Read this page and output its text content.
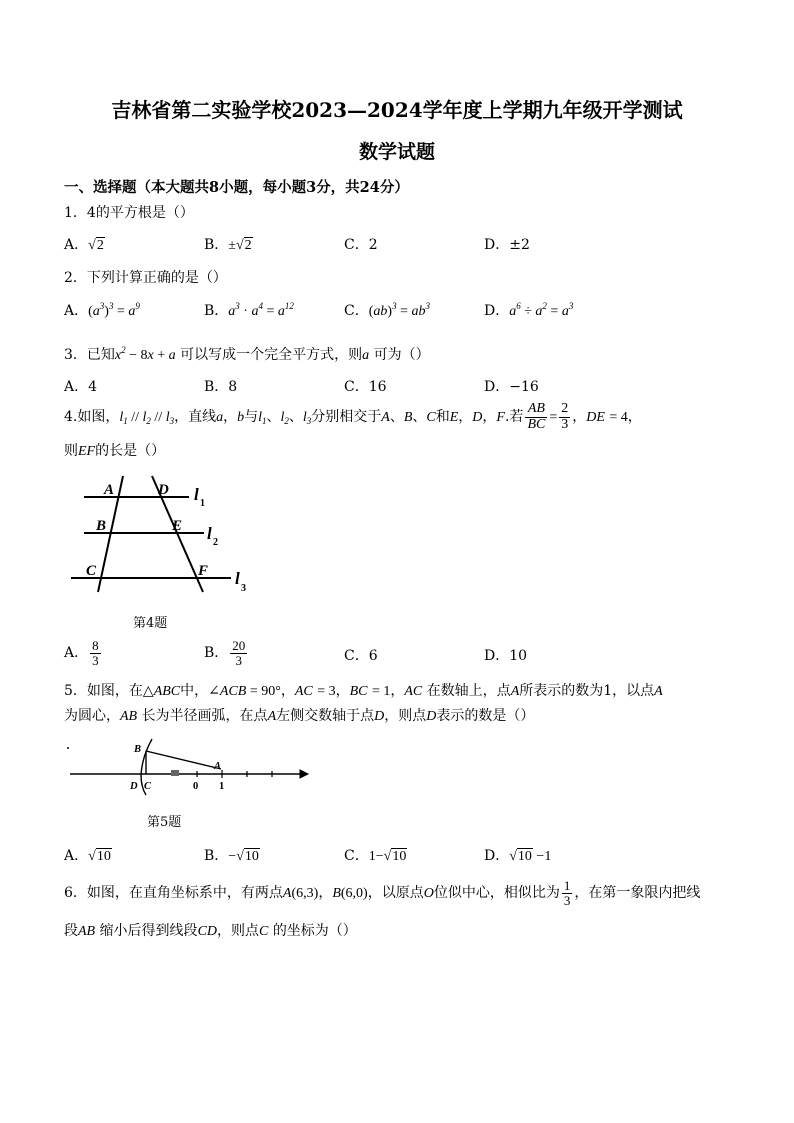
吉林省第二实验学校2023—2024学年度上学期九年级开学测试
数学试题
一、选择题（本大题共8小题，每小题3分，共24分）
1．4的平方根是（）
A．√2	B．±√2	C．2	D．±2
2．下列计算正确的是（）
A．$(a^3)^3 = a^9$	B．$a^3 \cdot a^4 = a^{12}$	C．$(ab)^3 = ab^3$	D．$a^6 \div a^2 = a^3$
3．已知$x^2 - 8x + a$ 可以写成一个完全平方式，则a 可为（）
A．4	B．8	C．16	D．−16
4.如图，$l_1 // l_2 // l_3$，直线a，b与$l_1$、$l_2$、$l_3$分别相交于A、B、C和E，D，F.若 $\frac{AB}{BC} = \frac{2}{3}$ ，DE = 4，
则EF的长是（）
A	D
B	E
C	F
l 1
l 2
l
3
第4题
A． $\frac{8}{3}$	B． $\frac{20}{3}$	C．6	D．10
5．如图，在△ABC中，∠ACB = 90°，AC = 3，BC = 1，AC 在数轴上，点A所表示的数为1，以点A
为圆心，AB 长为半径画弧，在点A左侧交数轴于点D，则点D表示的数是（）
B
A
D C	0 1
第5题
A．√10	B．−√10	C．1−√10	D．√10 −1
6．如图，在直角坐标系中，有两点A(6,3)，B(6,0)，以原点O位似中心，相似比为 $\frac{1}{3}$ ，在第一象限内把线
段AB 缩小后得到线段CD，则点C 的坐标为（）
